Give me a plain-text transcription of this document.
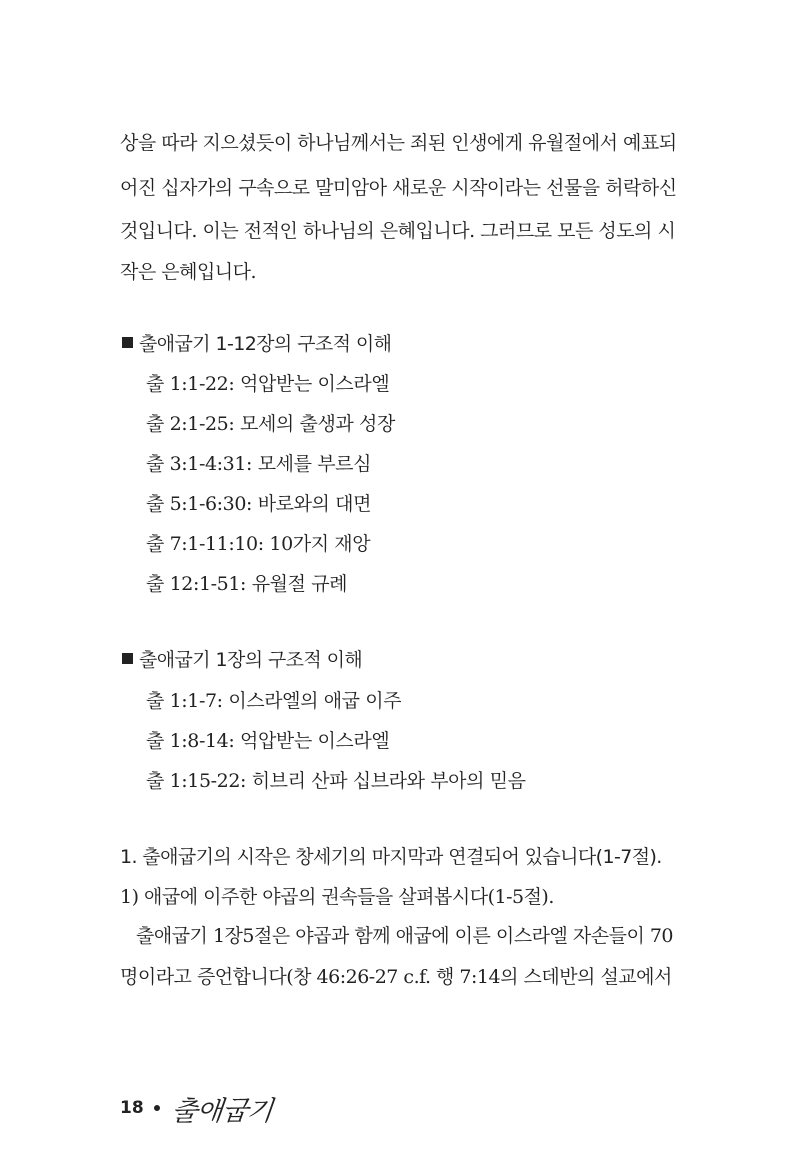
상을 따라 지으셨듯이 하나님께서는 죄된 인생에게 유월절에서 예표되
어진 십자가의 구속으로 말미암아 새로운 시작이라는 선물을 허락하신
것입니다. 이는 전적인 하나님의 은혜입니다. 그러므로 모든 성도의 시
작은 은혜입니다.
출애굽기 1-12장의 구조적 이해
출 1:1-22: 억압받는 이스라엘
출 2:1-25: 모세의 출생과 성장
출 3:1-4:31: 모세를 부르심
출 5:1-6:30: 바로와의 대면
출 7:1-11:10: 10가지 재앙
출 12:1-51: 유월절 규례
출애굽기 1장의 구조적 이해
출 1:1-7: 이스라엘의 애굽 이주
출 1:8-14: 억압받는 이스라엘
출 1:15-22: 히브리 산파 십브라와 부아의 믿음
1. 출애굽기의 시작은 창세기의 마지막과 연결되어 있습니다(1-7절).
1) 애굽에 이주한 야곱의 권속들을 살펴봅시다(1-5절).
출애굽기 1장5절은 야곱과 함께 애굽에 이른 이스라엘 자손들이 70
명이라고 증언합니다(창 46:26-27 c.f. 행 7:14의 스데반의 설교에서
18 출애굽기
